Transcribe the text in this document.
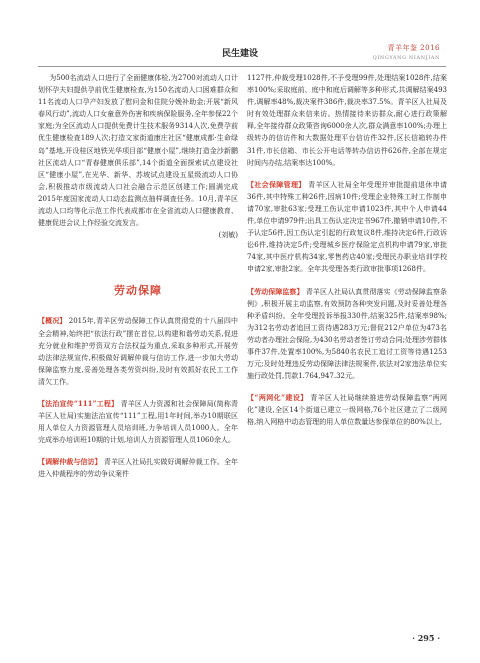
民生建设
青羊年鉴 2016
QINGYANG NIANJIAN

为500名流动人口进行了全面健康体检,为2700对流动人口计划怀孕夫妇提供孕前优生健康检查,为150名流动人口困难群众和11名流动人口孕产妇发放了慰问金和住院分娩补助金;开展“新风春风行动”,流动人口女童意外伤害和疾病保险服务,全年参保22个家庭;为全区流动人口提供免费计生技术服务9314人次,免费孕前优生健康检查189人次;打造文家街道康庄社区“健康成都·生命绿岛”基地,开设桂区地铁光华项目部“健康小屋”,继续打造金沙新鹏社区流动人口“青春健康俱乐部”,14个街道全面探索试点建设社区“健康小屋”,在光华、新华、苏坡试点建设五星级流动人口协会,积极推动市级流动人口社会融合示范区创建工作;圆满完成2015年度国家流动人口动态监测点抽样调查任务。10月,青羊区流动人口均等化示范工作代表成都市在全省流动人口健康教育、健康促进会议上作经验交流发言。

(刘敏)

劳动保障

【概况】 2015年,青羊区劳动保障工作认真贯彻党的十八届四中全会精神,始终把“依法行政”摆在首位,以构建和谐劳动关系,促进充分就业和维护劳资双方合法权益为重点,采取多种形式,开展劳动法律法规宣传,积极做好调解仲裁与信访工作,进一步加大劳动保障监察力度,妥善处理各类劳资纠纷,及时有效抓好农民工工作清欠工作。

【法治宣传“111”工程】 青羊区人力资源和社会保障局(简称青羊区人社局)实施法治宣传“111”工程,用1年时间,举办10期联区用人单位人力资源管理人员培训班,力争培训人员1000人。全年完成举办培训班10期的计划,培训人力资源管理人员1060余人。

【调解仲裁与信访】 青羊区人社局扎实做好调解仲裁工作。全年进入仲裁程序的劳动争议案件

1127件,仲裁受理1028件,不予受理99件,处理结案1028件,结案率100%;采取庭前、庭中和庭后调解等多种形式,共调解结案493件,调解率48%,裁决案件386件,裁决率37.5%。青羊区人社局及时有效处理群众来信来访。热情接待来访群众,耐心进行政策解释,全年接待群众政策咨询6000余人次,群众满意率100%;办理上级转办的信访件和大数据处理平台信访件32件,区长信箱转办件31件,市长信箱、市长公开电话等转办信访件626件,全部在规定时间内办结,结案率达100%。

【社会保障管理】 青羊区人社局全年受理并审批提前退休申请36件,其中特殊工种26件,因病10件;受理企业特殊工时工作制申请70家,审批63家;受理工伤认定申请1023件,其中个人申请44件,单位申请979件;出具工伤认定决定书967件,撤销申请10件,不予认定56件,因工伤认定引起的行政复议8件,维持决定6件,行政诉讼6件,维持决定5件;受理城乡医疗保险定点机构申请79家,审批74家,其中医疗机构34家,零售药店40家;受理民办职业培训学校申请2家,审批2家。全年共受理各类行政审批事项1268件。

【劳动保障监察】 青羊区人社局认真贯彻落实《劳动保障监察条例》,积极开展主动监察,有效预防各种突发问题,及时妥善处理各种矛盾纠纷。全年受理投诉举报330件,结案325件,结案率98%;为312名劳动者追回工资待遇283万元;督促212户单位为473名劳动者办理社会保险,为430名劳动者签订劳动合同;处理涉劳群体事件37件,处置率100%,为5840名农民工追讨工资等待遇1253万元;及时处理违反劳动保障法律法规案件,依法对2家违法单位实施行政处罚,罚款1.764,947.32元。

【“两网化”建设】 青羊区人社局继续推进劳动保障监察“两网化”建设,全区14个街道已建立一级网格,76个社区建立了二级网格,纳入网格中动态管理的用人单位数量达参保单位的80%以上,

· 295 ·
